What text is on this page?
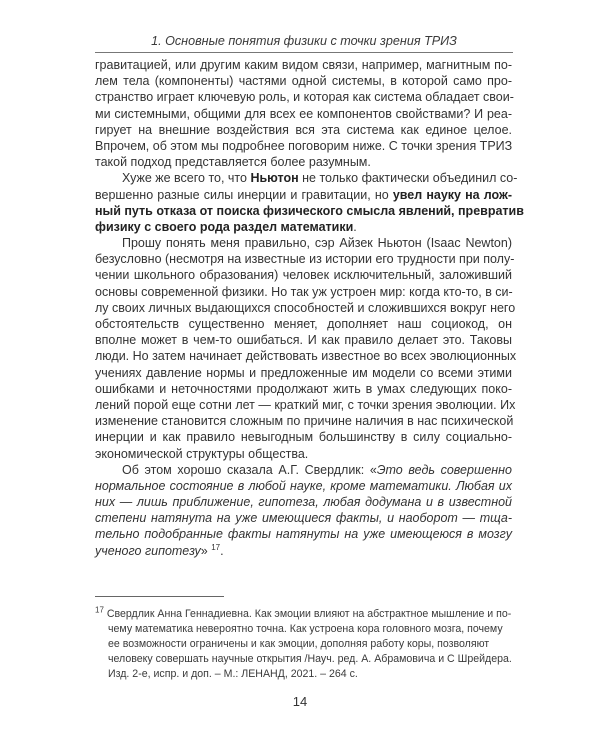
1. Основные понятия физики с точки зрения ТРИЗ
гравитацией, или другим каким видом связи, например, магнитным по-
лем тела (компоненты) частями одной системы, в которой само про-
странство играет ключевую роль, и которая как система обладает свои-
ми системными, общими для всех ее компонентов свойствами? И реа-
гирует на внешние воздействия вся эта система как единое целое.
Впрочем, об этом мы подробнее поговорим ниже. С точки зрения ТРИЗ
такой подход представляется более разумным.
Хуже же всего то, что Ньютон не только фактически объединил со-
вершенно разные силы инерции и гравитации, но увел науку на лож-
ный путь отказа от поиска физического смысла явлений, превратив
физику с своего рода раздел математики.
Прошу понять меня правильно, сэр Айзек Ньютон (Isaac Newton)
безусловно (несмотря на известные из истории его трудности при полу-
чении школьного образования) человек исключительный, заложивший
основы современной физики. Но так уж устроен мир: когда кто-то, в си-
лу своих личных выдающихся способностей и сложившихся вокруг него
обстоятельств существенно меняет, дополняет наш социокод, он
вполне может в чем-то ошибаться. И как правило делает это. Таковы
люди. Но затем начинает действовать известное во всех эволюционных
учениях давление нормы и предложенные им модели со всеми этими
ошибками и неточностями продолжают жить в умах следующих поко-
лений порой еще сотни лет — краткий миг, с точки зрения эволюции. Их
изменение становится сложным по причине наличия в нас психической
инерции и как правило невыгодным большинству в силу социально-
экономической структуры общества.
Об этом хорошо сказала А.Г. Свердлик: «Это ведь совершенно
нормальное состояние в любой науке, кроме математики. Любая их
них — лишь приближение, гипотеза, любая додумана и в известной
степени натянута на уже имеющиеся факты, и наоборот — тща-
тельно подобранные факты натянуты на уже имеющеюся в мозгу
ученого гипотезу» $^{17}$.
$^{17}$ Свердлик Анна Геннадиевна. Как эмоции влияют на абстрактное мышление и по-
чему математика невероятно точна. Как устроена кора головного мозга, почему
ее возможности ограничены и как эмоции, дополняя работу коры, позволяют
человеку совершать научные открытия /Науч. ред. А. Абрамовича и С Шрейдера.
Изд. 2-е, испр. и доп. – М.: ЛЕНАНД, 2021. – 264 с.
14
